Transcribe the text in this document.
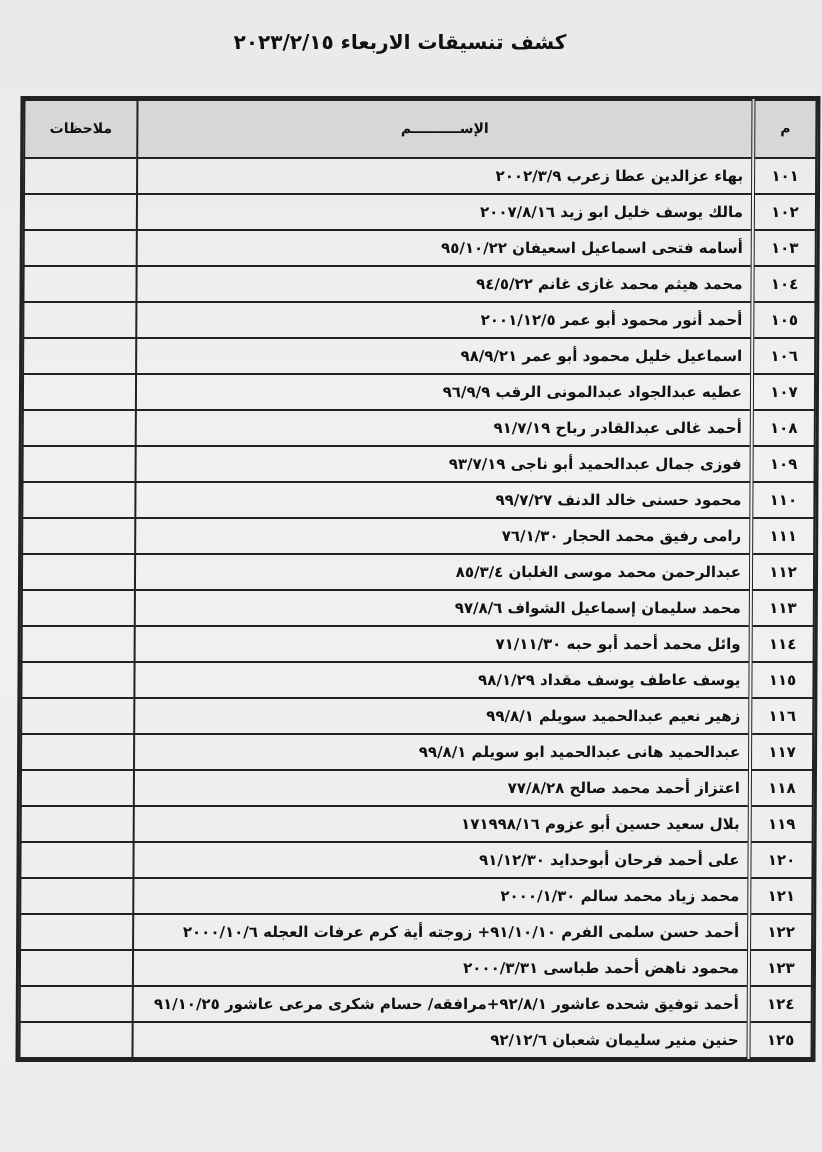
كشف تنسيقات الاربعاء ٢٠٢٣/٢/١٥
م	الإســــــــــم	ملاحظات
١٠١	بهاء عزالدين عطا زعرب ٢٠٠٢/٣/٩	
١٠٢	مالك يوسف خليل ابو زيد ٢٠٠٧/٨/١٦	
١٠٣	أسامه فتحى اسماعيل اسعيفان ٩٥/١٠/٢٢	
١٠٤	محمد هيثم محمد غازى غانم ٩٤/٥/٢٢	
١٠٥	أحمد أنور محمود أبو عمر ٢٠٠١/١٢/٥	
١٠٦	اسماعيل خليل محمود أبو عمر ٩٨/٩/٢١	
١٠٧	عطيه عبدالجواد عبدالمونى الرقب ٩٦/٩/٩	
١٠٨	أحمد غالى عبدالقادر رباح ٩١/٧/١٩	
١٠٩	فوزى جمال عبدالحميد أبو ناجى ٩٣/٧/١٩	
١١٠	محمود حسنى خالد الدنف ٩٩/٧/٢٧	
١١١	رامى رفيق محمد الحجار ٧٦/١/٣٠	
١١٢	عبدالرحمن محمد موسى الغلبان ٨٥/٣/٤	
١١٣	محمد سليمان إسماعيل الشواف ٩٧/٨/٦	
١١٤	وائل محمد أحمد أبو حبه ٧١/١١/٣٠	
١١٥	يوسف عاطف يوسف مقداد ٩٨/١/٢٩	
١١٦	زهير نعيم عبدالحميد سويلم ٩٩/٨/١	
١١٧	عبدالحميد هانى عبدالحميد ابو سويلم ٩٩/٨/١	
١١٨	اعتزاز أحمد محمد صالح ٧٧/٨/٢٨	
١١٩	بلال سعيد حسين أبو عزوم ١٧١٩٩٨/١٦	
١٢٠	على أحمد فرحان أبوحدايد ٩١/١٢/٣٠	
١٢١	محمد زياد محمد سالم ٢٠٠٠/١/٣٠	
١٢٢	أحمد حسن سلمى الفرم ٩١/١٠/١٠+ زوجته أية كرم عرفات العجله ٢٠٠٠/١٠/٦	
١٢٣	محمود ناهض أحمد طباسى ٢٠٠٠/٣/٣١	
١٢٤	أحمد توفيق شحده عاشور ٩٢/٨/١+مرافقه/ حسام شكرى مرعى عاشور ٩١/١٠/٢٥	
١٢٥	حنين منير سليمان شعبان ٩٢/١٢/٦	
